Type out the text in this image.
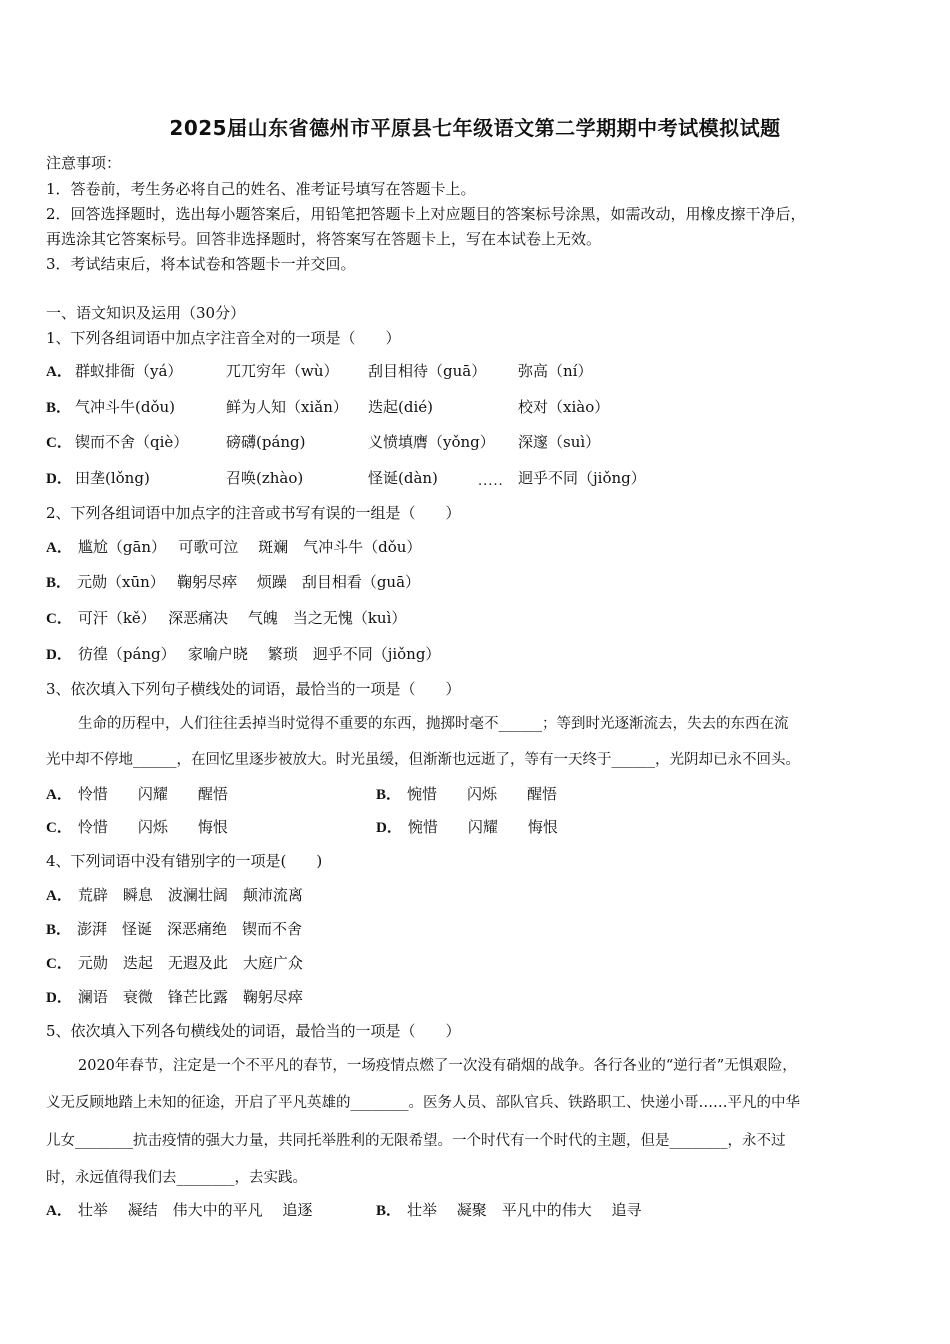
2025届山东省德州市平原县七年级语文第二学期期中考试模拟试题
注意事项：
1．答卷前，考生务必将自己的姓名、准考证号填写在答题卡上。
2．回答选择题时，选出每小题答案后，用铅笔把答题卡上对应题目的答案标号涂黑，如需改动，用橡皮擦干净后，
再选涂其它答案标号。回答非选择题时，将答案写在答题卡上，写在本试卷上无效。
3．考试结束后，将本试卷和答题卡一并交回。
一、语文知识及运用（30分）
1、下列各组词语中加点字注音全对的一项是（　　）
A． 群蚁排衙（yá）	兀兀穷年（wù） 刮目相待（guā） 弥高（ní）
B． 气冲斗牛(dǒu)	鲜为人知（xiǎn） 迭起(dié)	校对（xiào）
C． 锲而不舍（qiè）	磅礴(páng)	义愤填膺（yǒng） 深邃（suì）
D． 田垄(lǒng)	召唤(zhào)	怪诞(dàn)	..... 迥乎不同（jiǒng）
2、下列各组词语中加点字的注音或书写有误的一组是（　　）
A． 尴尬（gān）　 可歌可泣　 斑斓　气冲斗牛（dǒu）
B． 元勋（xūn）　 鞠躬尽瘁　 烦躁　刮目相看（guā）
C． 可汗（kě）　 深恶痛决　 气魄　当之无愧（kuì）
D． 彷徨（páng）　 家喻户晓　 繁琐　迥乎不同（jiǒng）
3、依次填入下列句子横线处的词语，最恰当的一项是（　　）
生命的历程中，人们往往丢掉当时觉得不重要的东西，抛掷时毫不______；等到时光逐渐流去，失去的东西在流
光中却不停地______，在回忆里逐步被放大。时光虽缓，但渐渐也远逝了，等有一天终于______，光阴却已永不回头。
A． 怜惜　　闪耀　　醒悟	B． 惋惜　　闪烁　　醒悟
C． 怜惜　　闪烁　　悔恨	D． 惋惜　　闪耀　　悔恨
4、下列词语中没有错别字的一项是(　　)
A． 荒辟　瞬息　波澜壮阔　颠沛流离
B． 澎湃　怪诞　深恶痛绝　锲而不舍
C． 元勋　迭起　无遐及此　大庭广众
D． 澜语　衰微　锋芒比露　鞠躬尽瘁
5、依次填入下列各句横线处的词语，最恰当的一项是（　　）
2020年春节，注定是一个不平凡的春节，一场疫情点燃了一次没有硝烟的战争。各行各业的“逆行者”无惧艰险，
义无反顾地踏上未知的征途，开启了平凡英雄的________。医务人员、部队官兵、铁路职工、快递小哥……平凡的中华
儿女________抗击疫情的强大力量，共同托举胜利的无限希望。一个时代有一个时代的主题，但是________，永不过
时，永远值得我们去________，去实践。
A． 壮举　 凝结　伟大中的平凡　 追逐	B． 壮举　 凝聚　平凡中的伟大　 追寻
